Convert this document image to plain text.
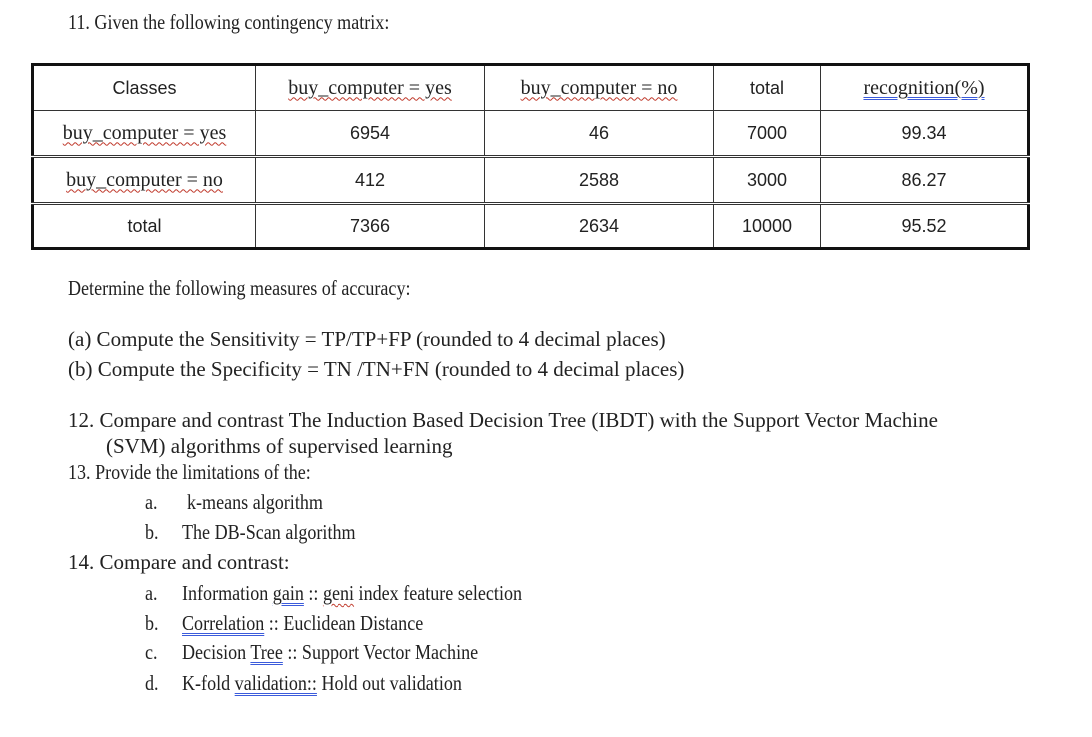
11. Given the following contingency matrix:
Classes	buy_computer = yes	buy_computer = no	total	recognition(%)
buy_computer = yes	6954	46	7000	99.34
buy_computer = no	412	2588	3000	86.27
total	7366	2634	10000	95.52
Determine the following measures of accuracy:
(a) Compute the Sensitivity = TP/TP+FP (rounded to 4 decimal places)
(b) Compute the Specificity = TN /TN+FN (rounded to 4 decimal places)
12. Compare and contrast The Induction Based Decision Tree (IBDT) with the Support Vector Machine
(SVM) algorithms of supervised learning
13. Provide the limitations of the:
a. k-means algorithm
b. The DB-Scan algorithm
14. Compare and contrast:
a. Information gain :: geni index feature selection
b. Correlation :: Euclidean Distance
c. Decision Tree :: Support Vector Machine
d. K-fold validation:: Hold out validation
